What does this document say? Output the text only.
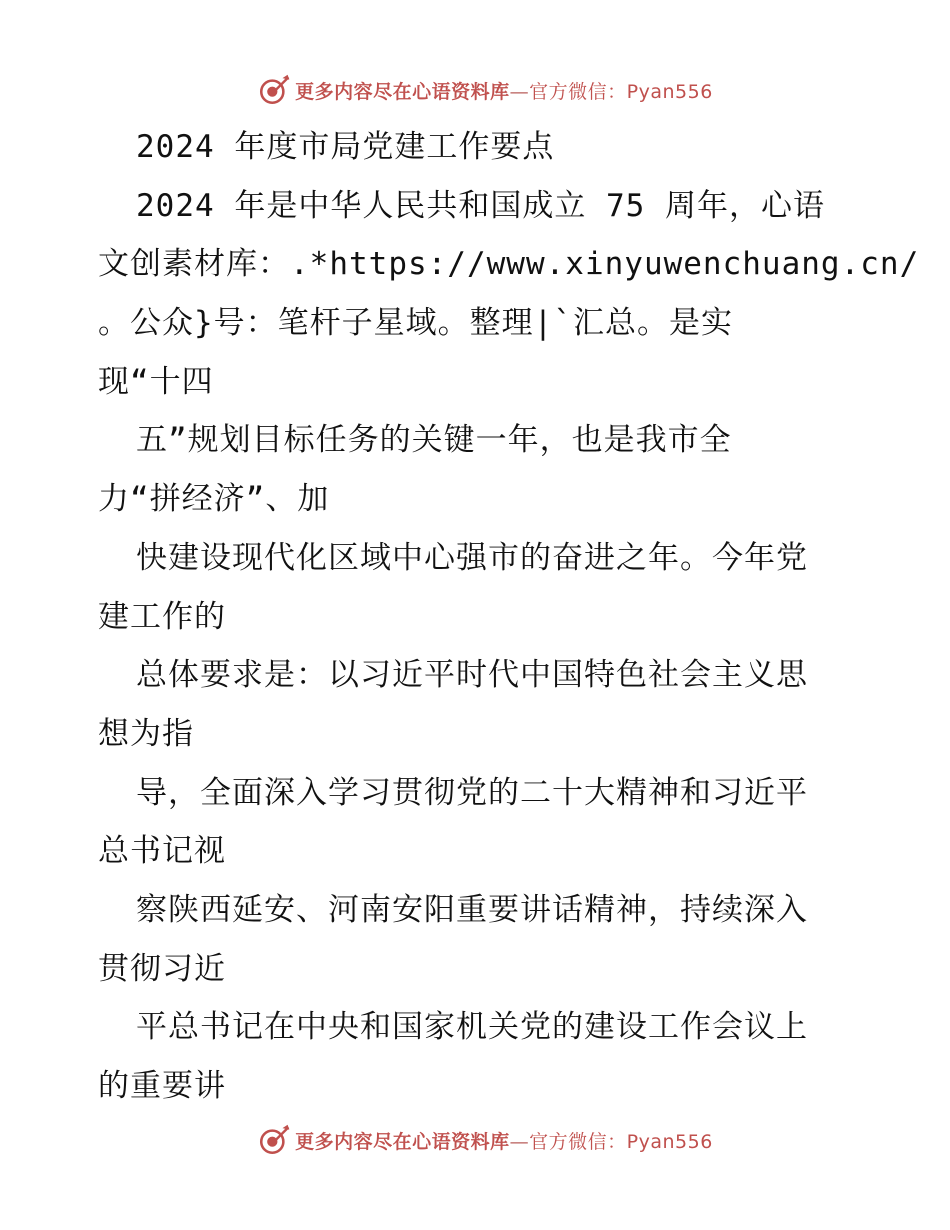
更多内容尽在心语资料库—官方微信：Pyan556
2024 年度市局党建工作要点
2024 年是中华人民共和国成立 75 周年，心语
文创素材库：.*https://www.xinyuwenchuang.cn/
。公众}号：笔杆子星域。整理|`汇总。是实
现“十四
五”规划目标任务的关键一年，也是我市全
力“拼经济”、加
快建设现代化区域中心强市的奋进之年。今年党
建工作的
总体要求是：以习近平时代中国特色社会主义思
想为指
导，全面深入学习贯彻党的二十大精神和习近平
总书记视
察陕西延安、河南安阳重要讲话精神，持续深入
贯彻习近
平总书记在中央和国家机关党的建设工作会议上
的重要讲
更多内容尽在心语资料库—官方微信：Pyan556
